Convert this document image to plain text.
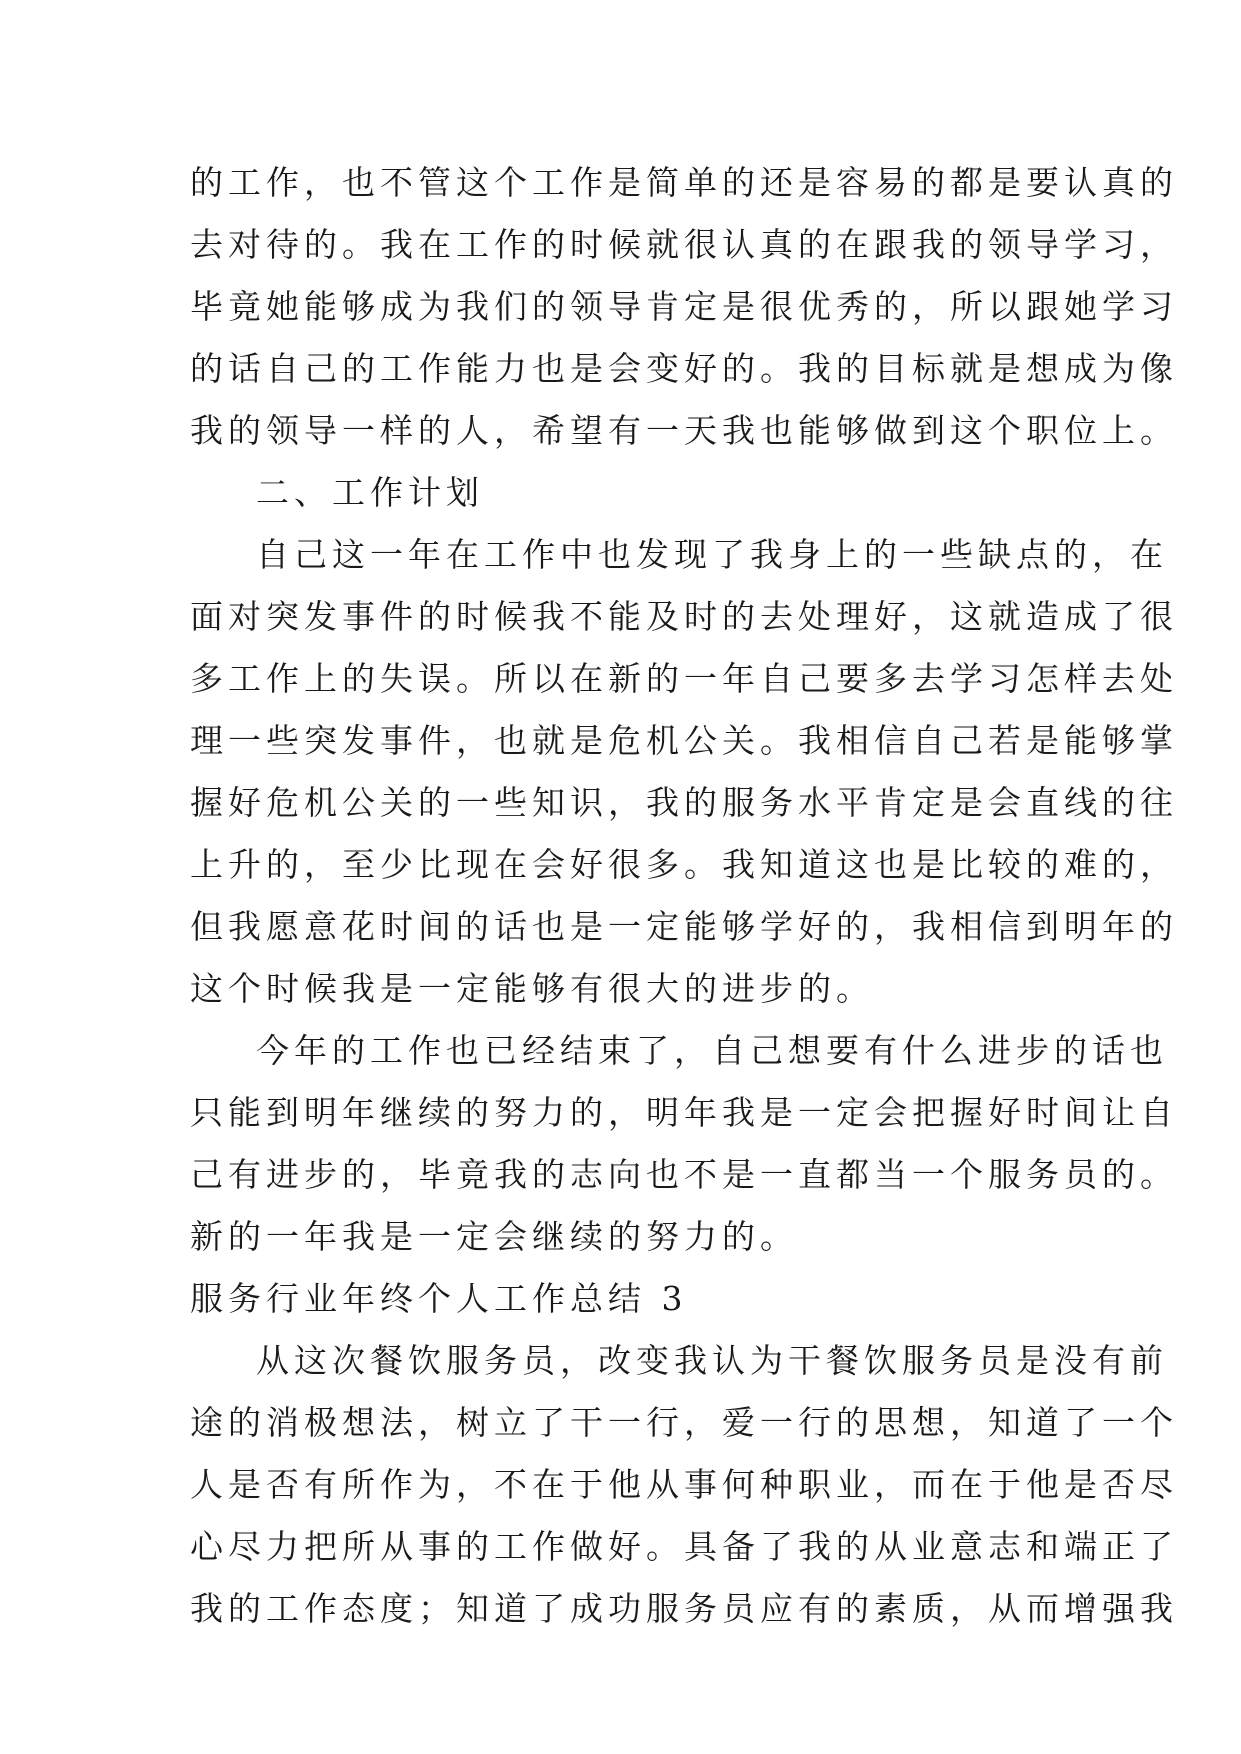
的工作，也不管这个工作是简单的还是容易的都是要认真的
去对待的。我在工作的时候就很认真的在跟我的领导学习，
毕竟她能够成为我们的领导肯定是很优秀的，所以跟她学习
的话自己的工作能力也是会变好的。我的目标就是想成为像
我的领导一样的人，希望有一天我也能够做到这个职位上。
二、工作计划
自己这一年在工作中也发现了我身上的一些缺点的，在
面对突发事件的时候我不能及时的去处理好，这就造成了很
多工作上的失误。所以在新的一年自己要多去学习怎样去处
理一些突发事件，也就是危机公关。我相信自己若是能够掌
握好危机公关的一些知识，我的服务水平肯定是会直线的往
上升的，至少比现在会好很多。我知道这也是比较的难的，
但我愿意花时间的话也是一定能够学好的，我相信到明年的
这个时候我是一定能够有很大的进步的。
今年的工作也已经结束了，自己想要有什么进步的话也
只能到明年继续的努力的，明年我是一定会把握好时间让自
己有进步的，毕竟我的志向也不是一直都当一个服务员的。
新的一年我是一定会继续的努力的。
服务行业年终个人工作总结 3
从这次餐饮服务员，改变我认为干餐饮服务员是没有前
途的消极想法，树立了干一行，爱一行的思想，知道了一个
人是否有所作为，不在于他从事何种职业，而在于他是否尽
心尽力把所从事的工作做好。具备了我的从业意志和端正了
我的工作态度；知道了成功服务员应有的素质，从而增强我
